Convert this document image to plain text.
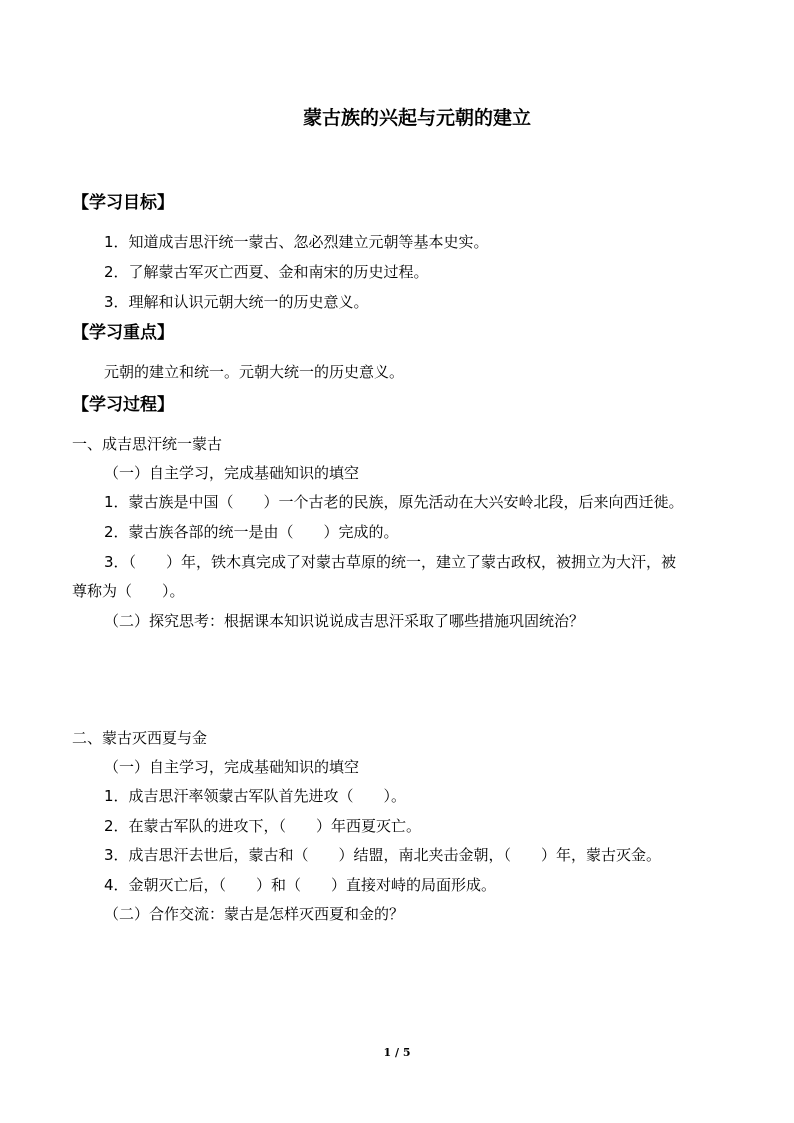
蒙古族的兴起与元朝的建立
【学习目标】
1．知道成吉思汗统一蒙古、忽必烈建立元朝等基本史实。
2．了解蒙古军灭亡西夏、金和南宋的历史过程。
3．理解和认识元朝大统一的历史意义。
【学习重点】
元朝的建立和统一。元朝大统一的历史意义。
【学习过程】
一、成吉思汗统一蒙古
（一）自主学习，完成基础知识的填空
1．蒙古族是中国（　　）一个古老的民族，原先活动在大兴安岭北段，后来向西迁徙。
2．蒙古族各部的统一是由（　　）完成的。
3．（　　）年，铁木真完成了对蒙古草原的统一，建立了蒙古政权，被拥立为大汗，被
尊称为（　　）。
（二）探究思考：根据课本知识说说成吉思汗采取了哪些措施巩固统治？
二、蒙古灭西夏与金
（一）自主学习，完成基础知识的填空
1．成吉思汗率领蒙古军队首先进攻（　　）。
2．在蒙古军队的进攻下，（　　）年西夏灭亡。
3．成吉思汗去世后，蒙古和（　　）结盟，南北夹击金朝，（　　）年，蒙古灭金。
4．金朝灭亡后，（　　）和（　　）直接对峙的局面形成。
（二）合作交流：蒙古是怎样灭西夏和金的？
1 / 5
